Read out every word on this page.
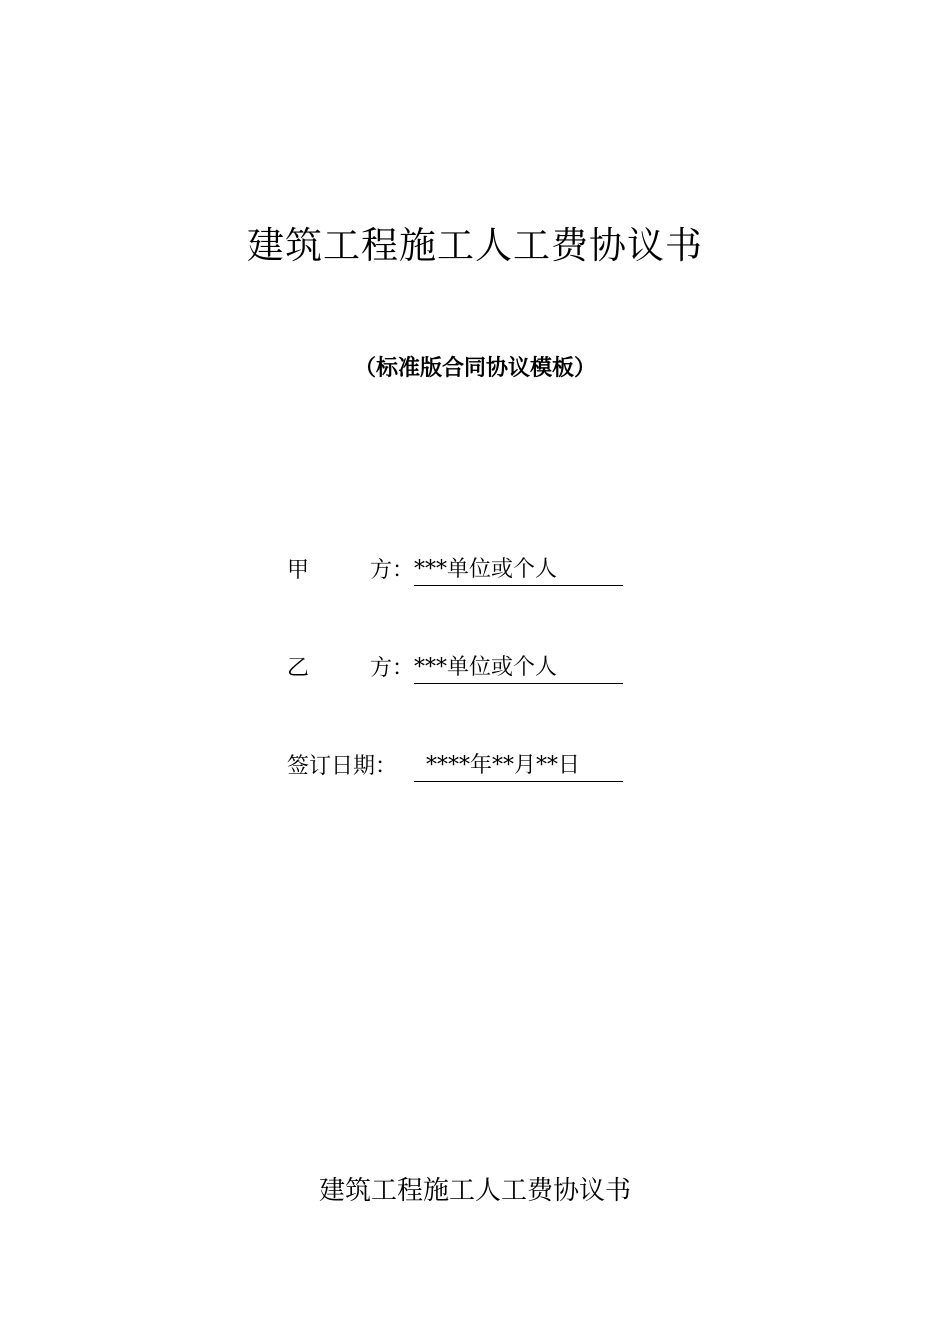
建筑工程施工人工费协议书
（标准版合同协议模板）
甲	方： ***单位或个人
乙	方： ***单位或个人
签订日期：	****年**月**日
建筑工程施工人工费协议书
